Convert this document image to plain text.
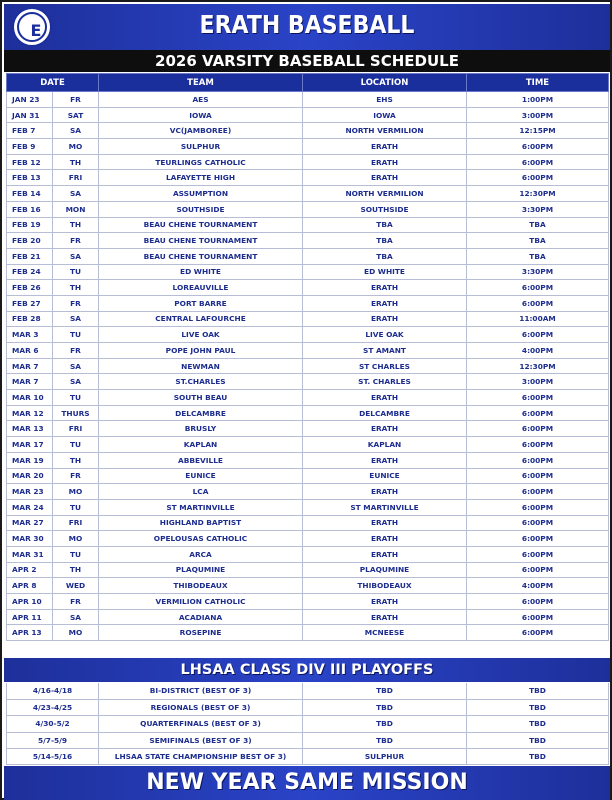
E	ERATH BASEBALL
2026 VARSITY BASEBALL SCHEDULE
DATE		TEAM	LOCATION	TIME
JAN 23	FR	AES	EHS	1:00PM
JAN 31	SAT	IOWA	IOWA	3:00PM
FEB 7	SA	VC(JAMBOREE)	NORTH VERMILION	12:15PM
FEB 9	MO	SULPHUR	ERATH	6:00PM
FEB 12	TH	TEURLINGS CATHOLIC	ERATH	6:00PM
FEB 13	FRI	LAFAYETTE HIGH	ERATH	6:00PM
FEB 14	SA	ASSUMPTION	NORTH VERMILION	12:30PM
FEB 16	MON	SOUTHSIDE	SOUTHSIDE	3:30PM
FEB 19	TH	BEAU CHENE TOURNAMENT	TBA	TBA
FEB 20	FR	BEAU CHENE TOURNAMENT	TBA	TBA
FEB 21	SA	BEAU CHENE TOURNAMENT	TBA	TBA
FEB 24	TU	ED WHITE	ED WHITE	3:30PM
FEB 26	TH	LOREAUVILLE	ERATH	6:00PM
FEB 27	FR	PORT BARRE	ERATH	6:00PM
FEB 28	SA	CENTRAL LAFOURCHE	ERATH	11:00AM
MAR 3	TU	LIVE OAK	LIVE OAK	6:00PM
MAR 6	FR	POPE JOHN PAUL	ST AMANT	4:00PM
MAR 7	SA	NEWMAN	ST CHARLES	12:30PM
MAR 7	SA	ST.CHARLES	ST. CHARLES	3:00PM
MAR 10	TU	SOUTH BEAU	ERATH	6:00PM
MAR 12	THURS	DELCAMBRE	DELCAMBRE	6:00PM
MAR 13	FRI	BRUSLY	ERATH	6:00PM
MAR 17	TU	KAPLAN	KAPLAN	6:00PM
MAR 19	TH	ABBEVILLE	ERATH	6:00PM
MAR 20	FR	EUNICE	EUNICE	6:00PM
MAR 23	MO	LCA	ERATH	6:00PM
MAR 24	TU	ST MARTINVILLE	ST MARTINVILLE	6:00PM
MAR 27	FRI	HIGHLAND BAPTIST	ERATH	6:00PM
MAR 30	MO	OPELOUSAS CATHOLIC	ERATH	6:00PM
MAR 31	TU	ARCA	ERATH	6:00PM
APR 2	TH	PLAQUMINE	PLAQUMINE	6:00PM
APR 8	WED	THIBODEAUX	THIBODEAUX	4:00PM
APR 10	FR	VERMILION CATHOLIC	ERATH	6:00PM
APR 11	SA	ACADIANA	ERATH	6:00PM
APR 13	MO	ROSEPINE	MCNEESE	6:00PM
LHSAA CLASS DIV III PLAYOFFS
4/16-4/18	BI-DISTRICT (BEST OF 3)	TBD	TBD
4/23-4/25	REGIONALS (BEST OF 3)	TBD	TBD
4/30-5/2	QUARTERFINALS (BEST OF 3)	TBD	TBD
5/7-5/9	SEMIFINALS (BEST OF 3)	TBD	TBD
5/14-5/16	LHSAA STATE CHAMPIONSHIP BEST OF 3)	SULPHUR	TBD
NEW YEAR SAME MISSION
